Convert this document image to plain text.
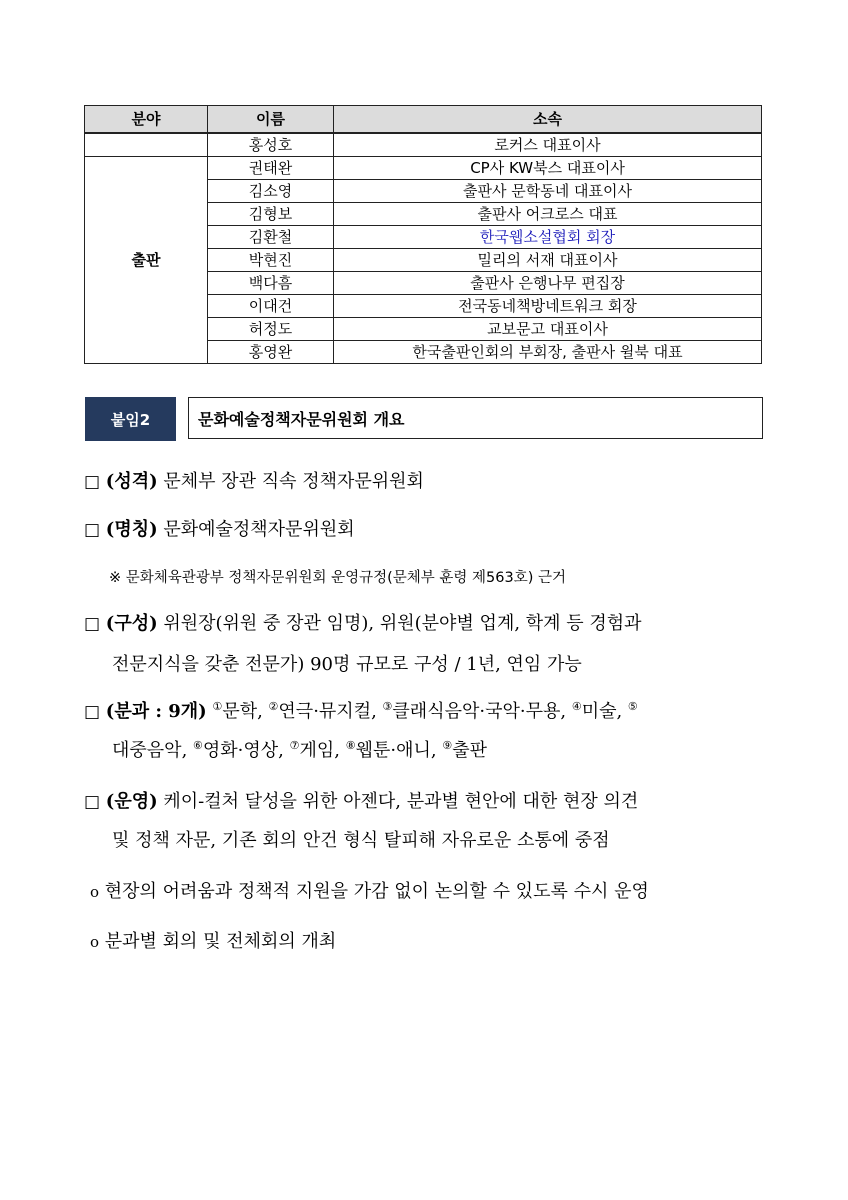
분야	이름	소속
	홍성호	로커스 대표이사
출판	권태완	CP사 KW북스 대표이사
	김소영	출판사 문학동네 대표이사
	김형보	출판사 어크로스 대표
	김환철	한국웹소설협회 회장
	박현진	밀리의 서재 대표이사
	백다흠	출판사 은행나무 편집장
	이대건	전국동네책방네트워크 회장
	허정도	교보문고 대표이사
	홍영완	한국출판인회의 부회장, 출판사 윌북 대표
붙임2	문화예술정책자문위원회 개요
□ (성격) 문체부 장관 직속 정책자문위원회
□ (명칭) 문화예술정책자문위원회
※ 문화체육관광부 정책자문위원회 운영규정(문체부 훈령 제563호) 근거
□ (구성) 위원장(위원 중 장관 임명), 위원(분야별 업계, 학계 등 경험과
전문지식을 갖춘 전문가) 90명 규모로 구성 / 1년, 연임 가능
□ (분과 : 9개) ①문학, ②연극·뮤지컬, ③클래식음악·국악·무용, ④미술, ⑤
대중음악, ⑥영화·영상, ⑦게임, ⑧웹툰·애니, ⑨출판
□ (운영) 케이-컬처 달성을 위한 아젠다, 분과별 현안에 대한 현장 의견
및 정책 자문, 기존 회의 안건 형식 탈피해 자유로운 소통에 중점
o 현장의 어려움과 정책적 지원을 가감 없이 논의할 수 있도록 수시 운영
o 분과별 회의 및 전체회의 개최
